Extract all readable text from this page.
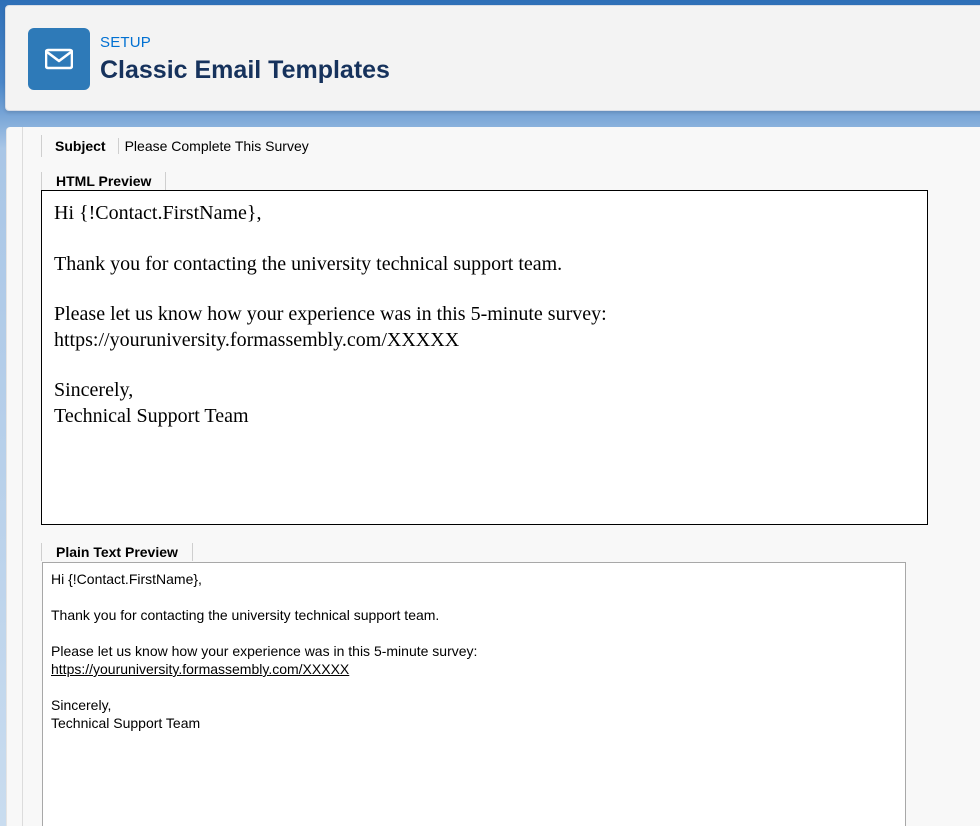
SETUP
Classic Email Templates
Subject	Please Complete This Survey
HTML Preview
Hi {!Contact.FirstName},
Thank you for contacting the university technical support team.
Please let us know how your experience was in this 5-minute survey:
https://youruniversity.formassembly.com/XXXXX
Sincerely,
Technical Support Team
Plain Text Preview
Hi {!Contact.FirstName},
Thank you for contacting the university technical support team.
Please let us know how your experience was in this 5-minute survey:
https://youruniversity.formassembly.com/XXXXX
Sincerely,
Technical Support Team
